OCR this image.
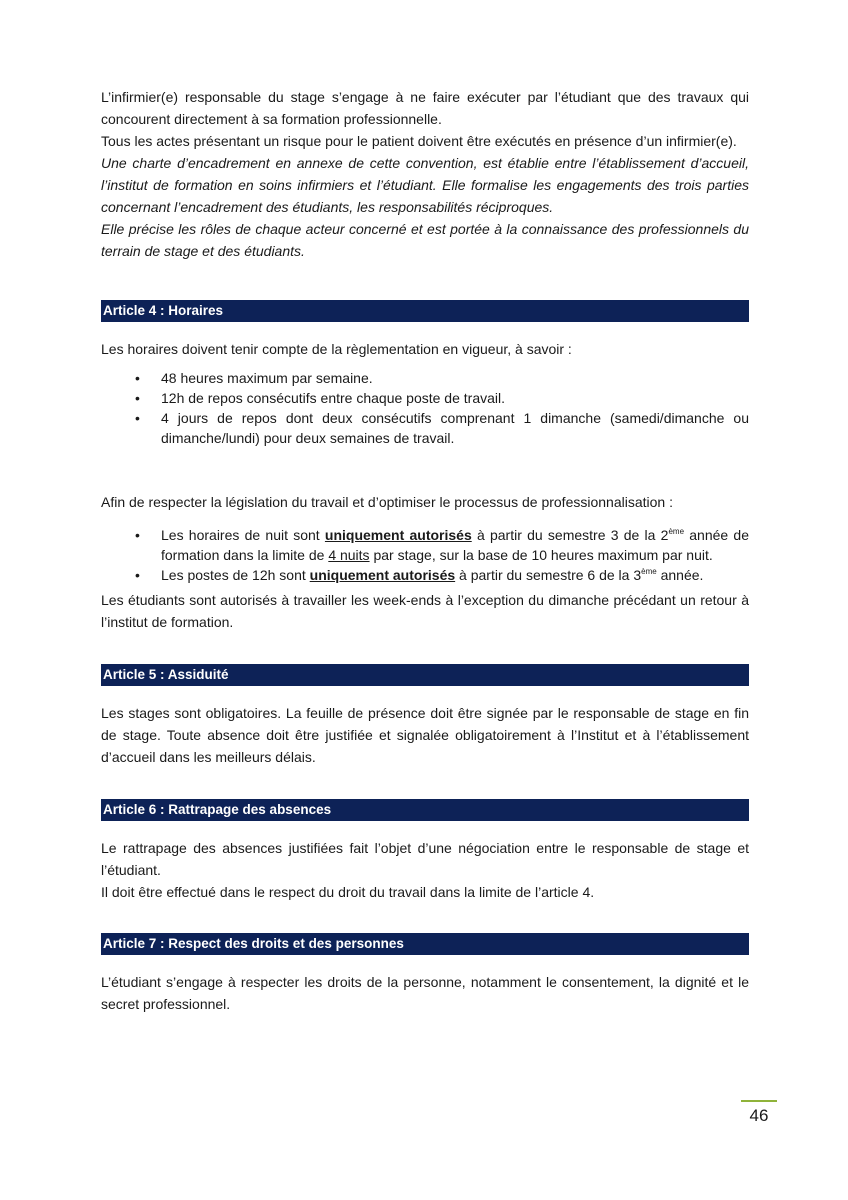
L’infirmier(e) responsable du stage s’engage à ne faire exécuter par l’étudiant que des travaux qui concourent directement à sa formation professionnelle.

Tous les actes présentant un risque pour le patient doivent être exécutés en présence d’un infirmier(e).

Une charte d’encadrement en annexe de cette convention, est établie entre l’établissement d’accueil, l’institut de formation en soins infirmiers et l’étudiant. Elle formalise les engagements des trois parties concernant l’encadrement des étudiants, les responsabilités réciproques.

Elle précise les rôles de chaque acteur concerné et est portée à la connaissance des professionnels du terrain de stage et des étudiants.

Article 4 : Horaires

Les horaires doivent tenir compte de la règlementation en vigueur, à savoir :

• 48 heures maximum par semaine.
• 12h de repos consécutifs entre chaque poste de travail.
• 4 jours de repos dont deux consécutifs comprenant 1 dimanche (samedi/dimanche ou dimanche/lundi) pour deux semaines de travail.

Afin de respecter la législation du travail et d’optimiser le processus de professionnalisation :

• Les horaires de nuit sont uniquement autorisés à partir du semestre 3 de la 2ème année de formation dans la limite de 4 nuits par stage, sur la base de 10 heures maximum par nuit.
• Les postes de 12h sont uniquement autorisés à partir du semestre 6 de la 3ème année.

Les étudiants sont autorisés à travailler les week-ends à l’exception du dimanche précédant un retour à l’institut de formation.

Article 5 : Assiduité

Les stages sont obligatoires. La feuille de présence doit être signée par le responsable de stage en fin de stage. Toute absence doit être justifiée et signalée obligatoirement à l’Institut et à l’établissement d’accueil dans les meilleurs délais.

Article 6 : Rattrapage des absences

Le rattrapage des absences justifiées fait l’objet d’une négociation entre le responsable de stage et l’étudiant.

Il doit être effectué dans le respect du droit du travail dans la limite de l’article 4.

Article 7 : Respect des droits et des personnes

L’étudiant s’engage à respecter les droits de la personne, notamment le consentement, la dignité et le secret professionnel.

46
